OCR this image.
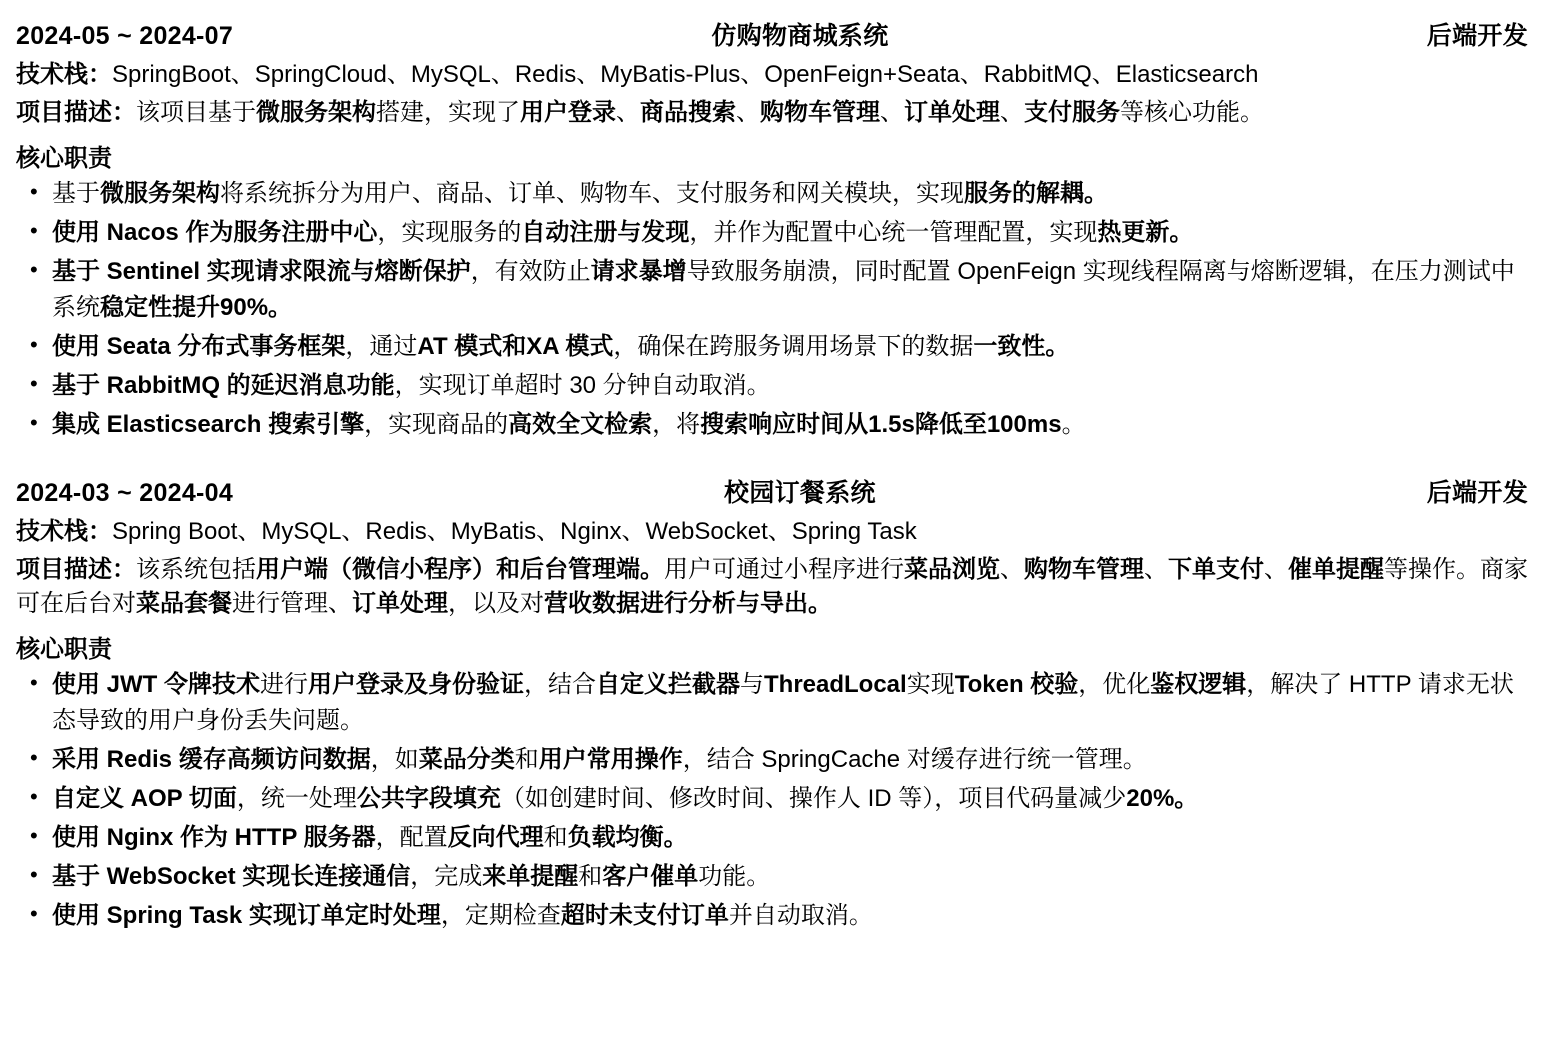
2024-05 ~ 2024-07	仿购物商城系统	后端开发
技术栈：SpringBoot、SpringCloud、MySQL、Redis、MyBatis-Plus、OpenFeign+Seata、RabbitMQ、Elasticsearch
项目描述：该项目基于微服务架构搭建，实现了用户登录、商品搜索、购物车管理、订单处理、支付服务等核心功能。
核心职责
• 基于微服务架构将系统拆分为用户、商品、订单、购物车、支付服务和网关模块，实现服务的解耦。
• 使用 Nacos 作为服务注册中心，实现服务的自动注册与发现，并作为配置中心统一管理配置，实现热更新。
• 基于 Sentinel 实现请求限流与熔断保护，有效防止请求暴增导致服务崩溃，同时配置 OpenFeign 实现线程隔离与熔断逻辑，在压力测试中系统稳定性提升90%。
• 使用 Seata 分布式事务框架，通过AT 模式和XA 模式，确保在跨服务调用场景下的数据一致性。
• 基于 RabbitMQ 的延迟消息功能，实现订单超时 30 分钟自动取消。
• 集成 Elasticsearch 搜索引擎，实现商品的高效全文检索，将搜索响应时间从1.5s降低至100ms。
2024-03 ~ 2024-04	校园订餐系统	后端开发
技术栈：Spring Boot、MySQL、Redis、MyBatis、Nginx、WebSocket、Spring Task
项目描述：该系统包括用户端（微信小程序）和后台管理端。用户可通过小程序进行菜品浏览、购物车管理、下单支付、催单提醒等操作。商家可在后台对菜品套餐进行管理、订单处理，以及对营收数据进行分析与导出。
核心职责
• 使用 JWT 令牌技术进行用户登录及身份验证，结合自定义拦截器与ThreadLocal实现Token 校验，优化鉴权逻辑，解决了 HTTP 请求无状态导致的用户身份丢失问题。
• 采用 Redis 缓存高频访问数据，如菜品分类和用户常用操作，结合 SpringCache 对缓存进行统一管理。
• 自定义 AOP 切面，统一处理公共字段填充（如创建时间、修改时间、操作人 ID 等），项目代码量减少20%。
• 使用 Nginx 作为 HTTP 服务器，配置反向代理和负载均衡。
• 基于 WebSocket 实现长连接通信，完成来单提醒和客户催单功能。
• 使用 Spring Task 实现订单定时处理，定期检查超时未支付订单并自动取消。
